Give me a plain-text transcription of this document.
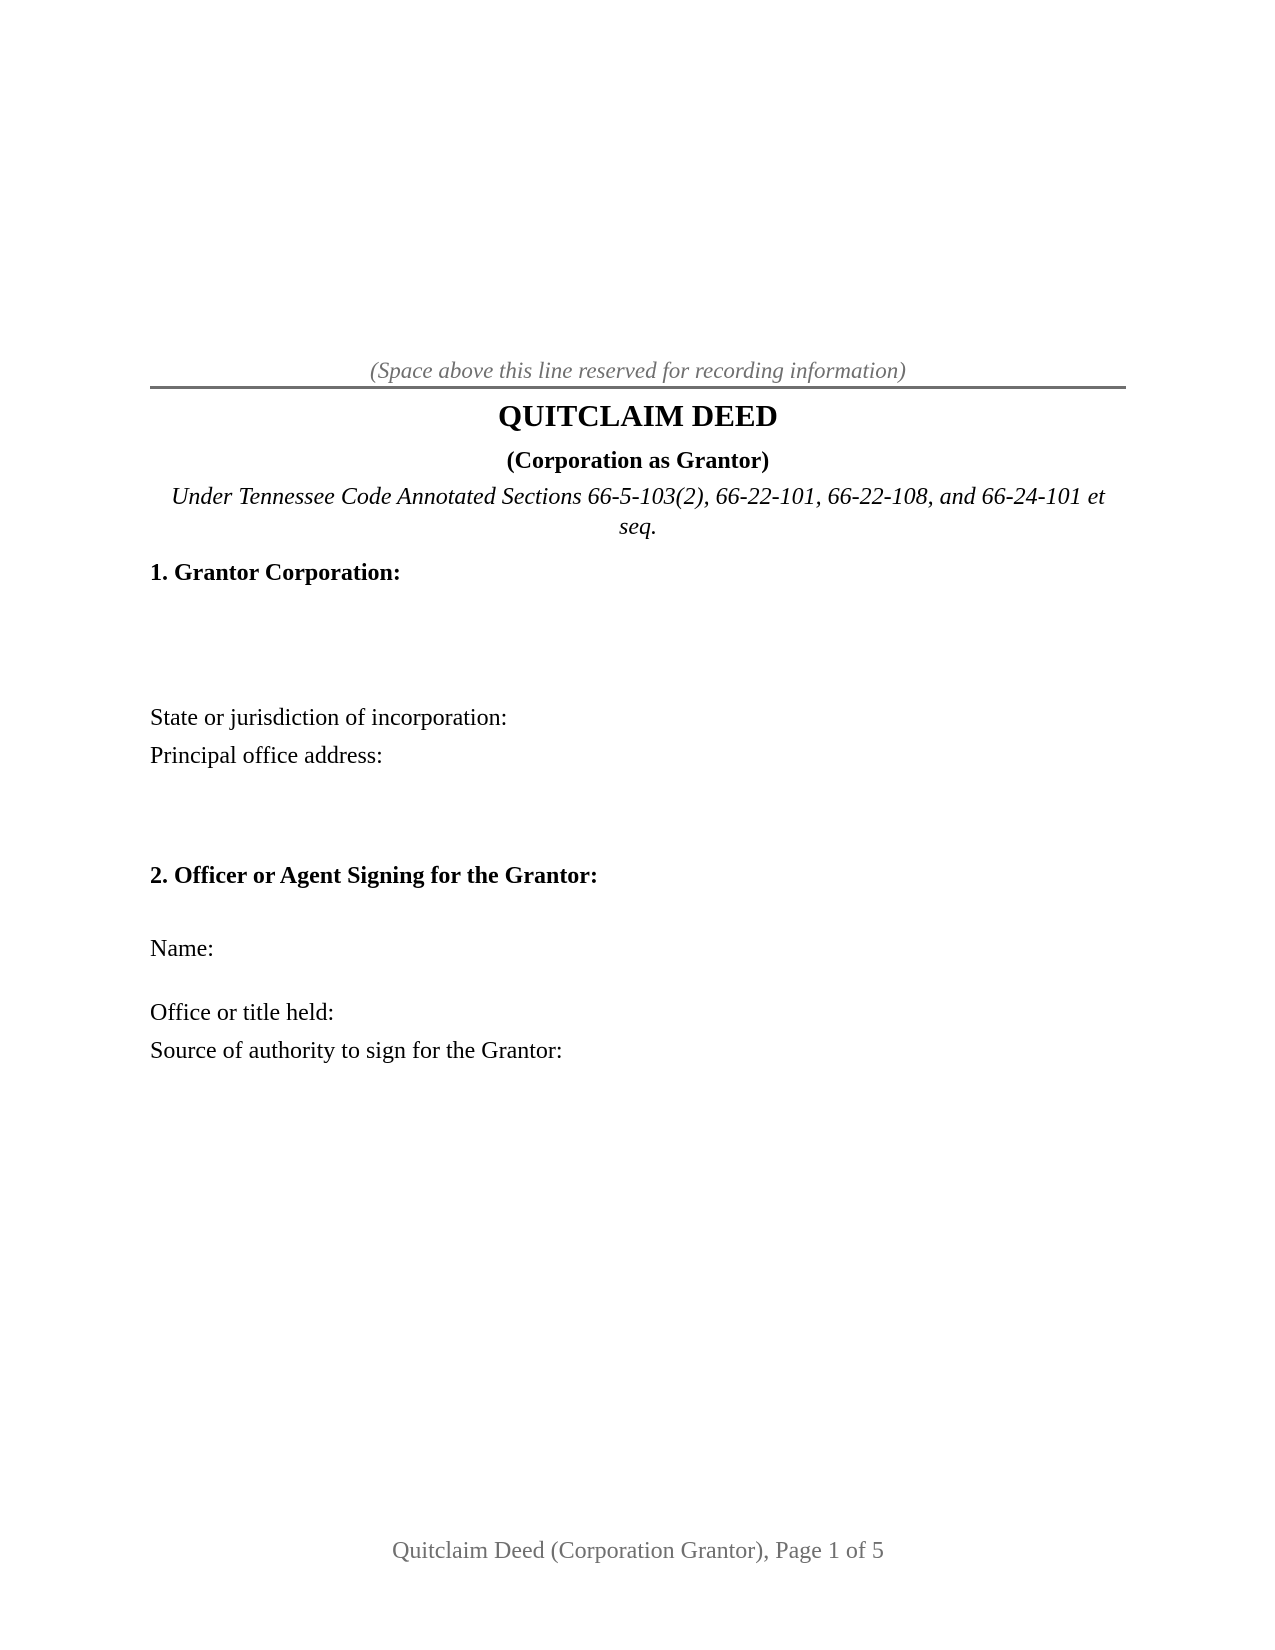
(Space above this line reserved for recording information)
QUITCLAIM DEED
(Corporation as Grantor)

Under Tennessee Code Annotated Sections 66-5-103(2), 66-22-101, 66-22-108, and 66-24-101 et seq.

1. Grantor Corporation:

State or jurisdiction of incorporation:

Principal office address:

2. Officer or Agent Signing for the Grantor:

Name:

Office or title held:

Source of authority to sign for the Grantor:

Quitclaim Deed (Corporation Grantor), Page 1 of 5
